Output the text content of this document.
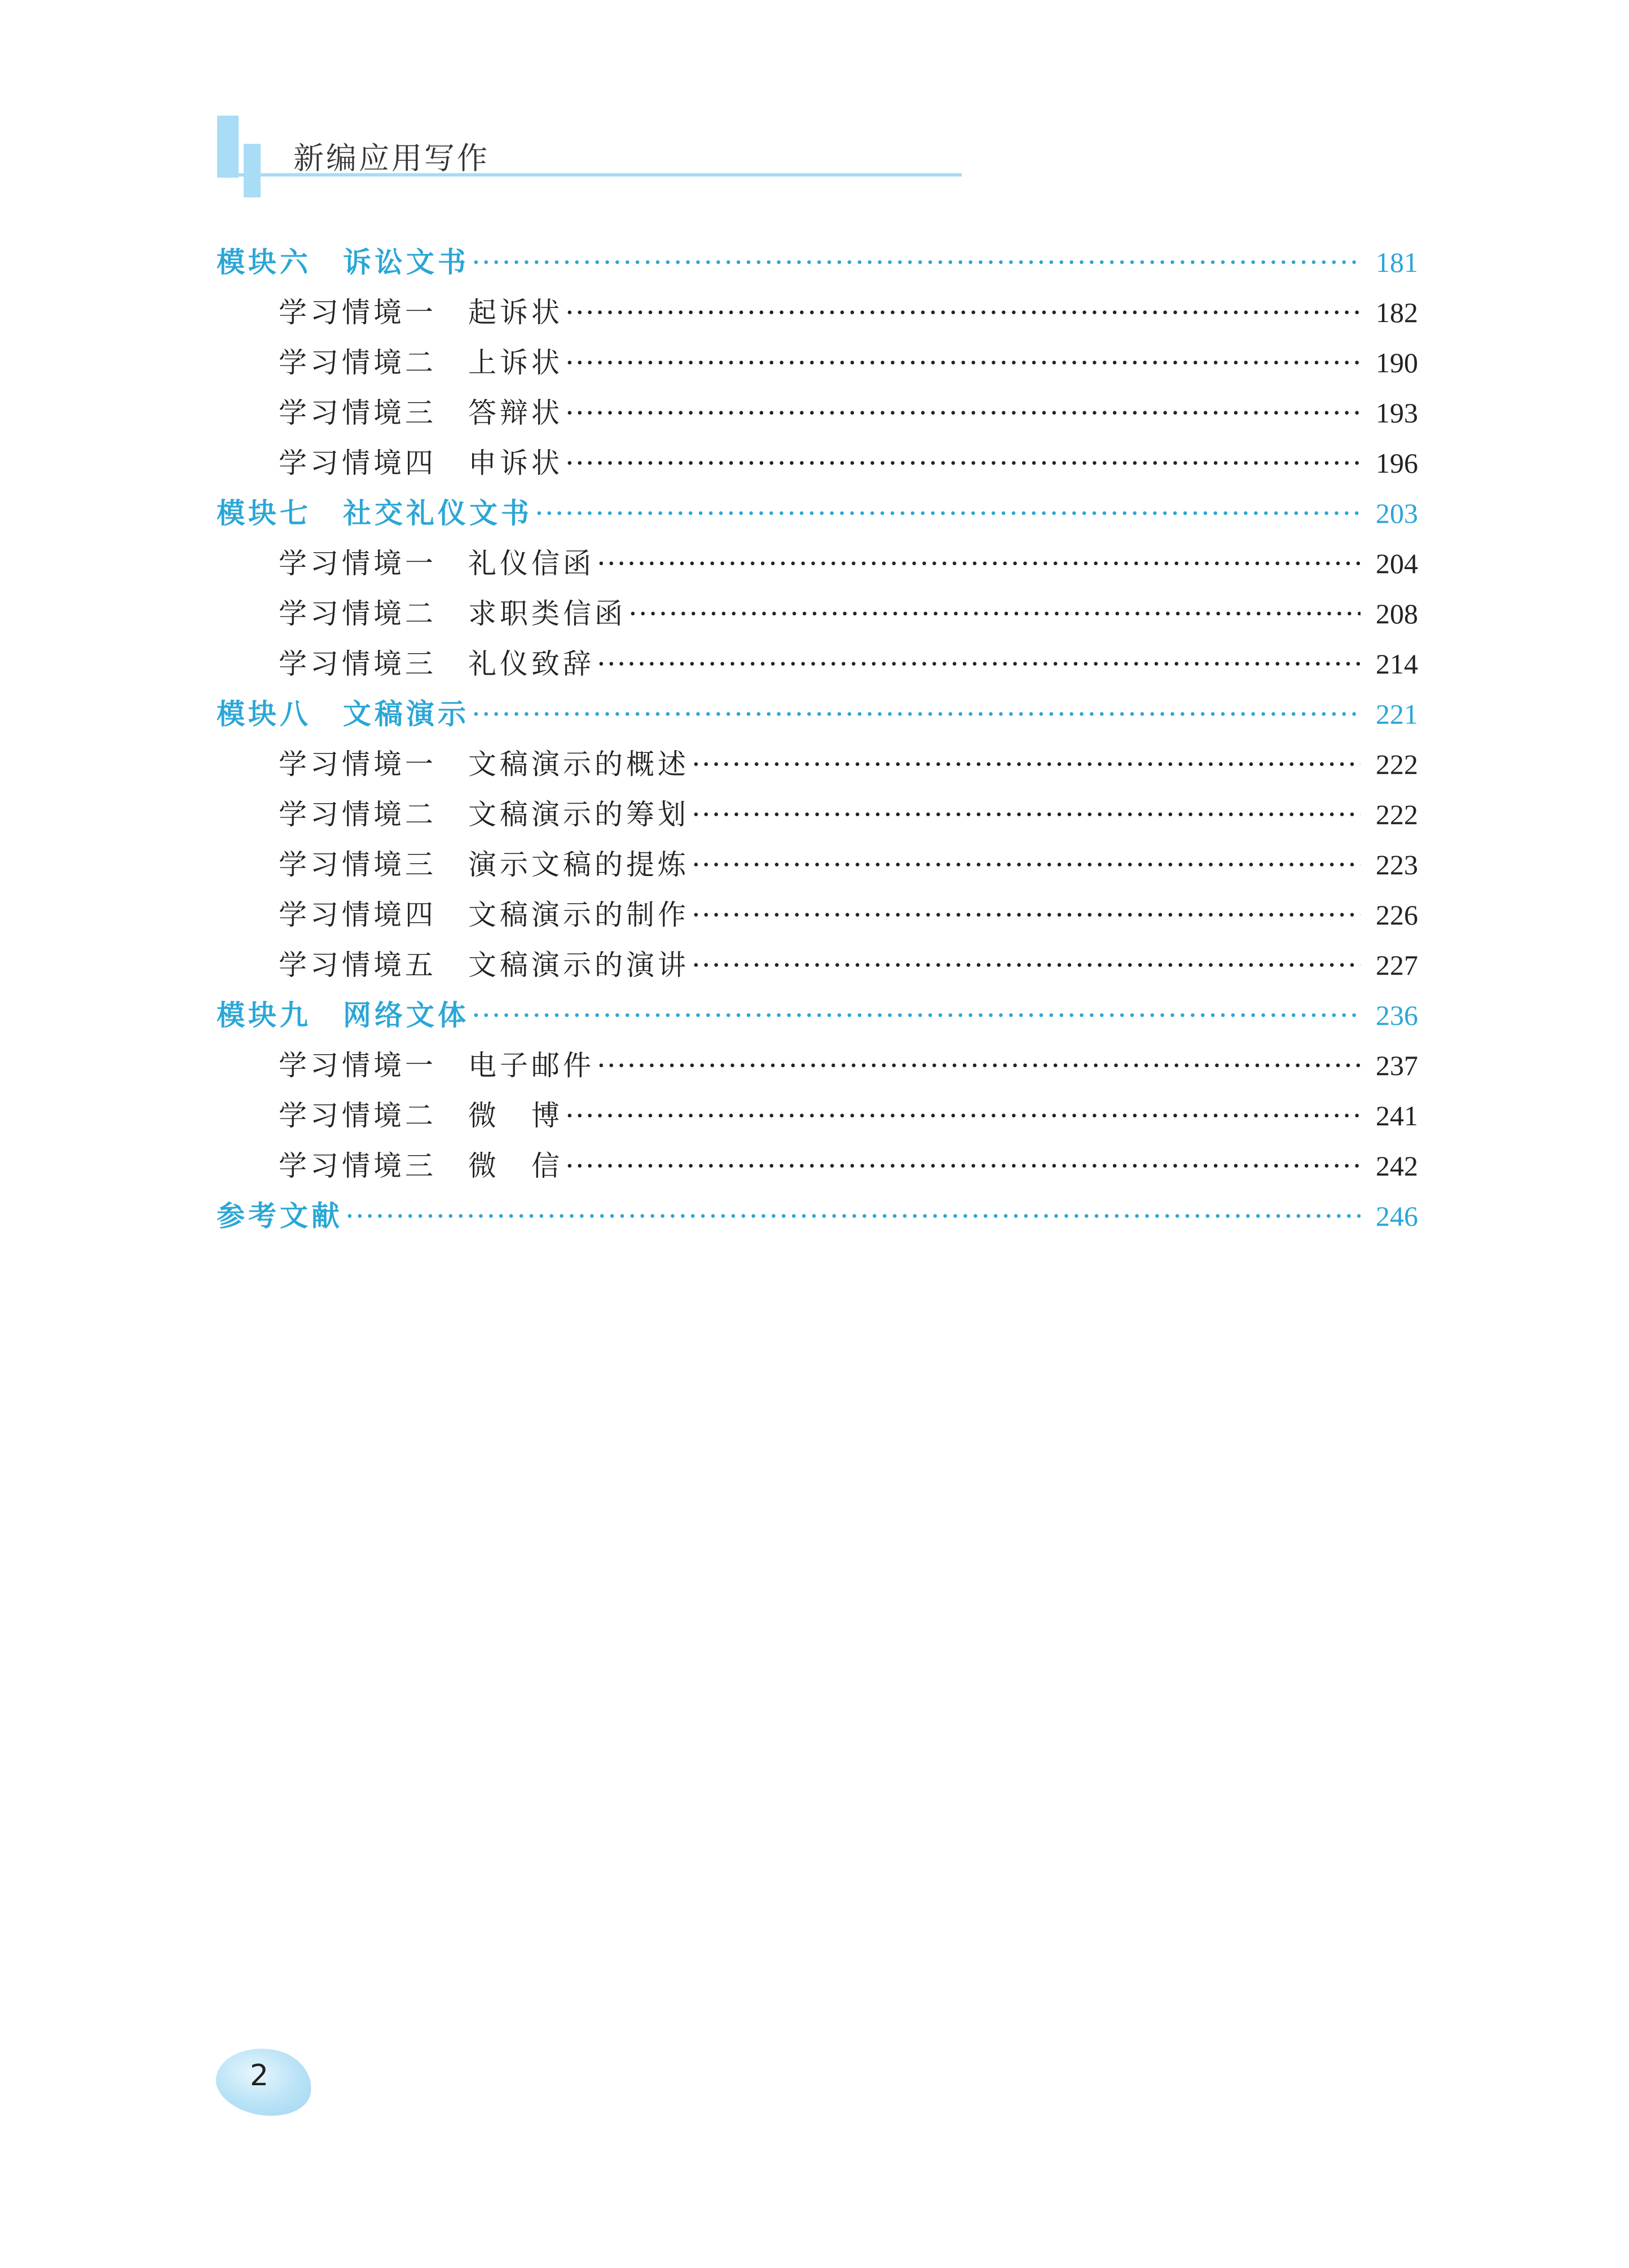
新编应用写作
模块六　诉讼文书 ·····	181
学习情境一　起诉状 ·····	182
学习情境二　上诉状 ·····	190
学习情境三　答辩状 ·····	193
学习情境四　申诉状 ·····	196
模块七　社交礼仪文书 ·····	203
学习情境一　礼仪信函 ·····	204
学习情境二　求职类信函 ·····	208
学习情境三　礼仪致辞 ·····	214
模块八　文稿演示 ·····	221
学习情境一　文稿演示的概述 ·····	222
学习情境二　文稿演示的筹划 ·····	222
学习情境三　演示文稿的提炼 ·····	223
学习情境四　文稿演示的制作 ·····	226
学习情境五　文稿演示的演讲 ·····	227
模块九　网络文体 ·····	236
学习情境一　电子邮件 ·····	237
学习情境二　微　博 ·····	241
学习情境三　微　信 ·····	242
参考文献 ·····	246
2
